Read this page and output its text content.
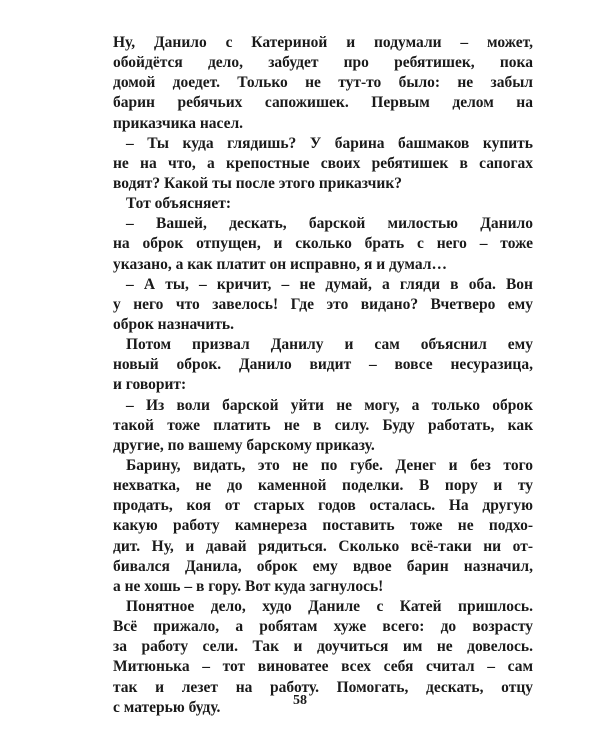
Ну, Данило с Катериной и подумали – может,
обойдётся дело, забудет про ребятишек, пока
домой доедет. Только не тут-то было: не забыл
барин ребячьих сапожишек. Первым делом на
приказчика насел.
– Ты куда глядишь? У барина башмаков купить
не на что, а крепостные своих ребятишек в сапогах
водят? Какой ты после этого приказчик?
Тот объясняет:
– Вашей, дескать, барской милостью Данило
на оброк отпущен, и сколько брать с него – тоже
указано, а как платит он исправно, я и думал…
– А ты, – кричит, – не думай, а гляди в оба. Вон
у него что завелось! Где это видано? Вчетверо ему
оброк назначить.
Потом призвал Данилу и сам объяснил ему
новый оброк. Данило видит – вовсе несуразица,
и говорит:
– Из воли барской уйти не могу, а только оброк
такой тоже платить не в силу. Буду работать, как
другие, по вашему барскому приказу.
Барину, видать, это не по губе. Денег и без того
нехватка, не до каменной поделки. В пору и ту
продать, коя от старых годов осталась. На другую
какую работу камнереза поставить тоже не подхо-
дит. Ну, и давай рядиться. Сколько всё-таки ни от-
бивался Данила, оброк ему вдвое барин назначил,
а не хошь – в гору. Вот куда загнулось!
Понятное дело, худо Даниле с Катей пришлось.
Всё прижало, а робятам хуже всего: до возрасту
за работу сели. Так и доучиться им не довелось.
Митюнька – тот виноватее всех себя считал – сам
так и лезет на работу. Помогать, дескать, отцу
с матерью буду.	58
